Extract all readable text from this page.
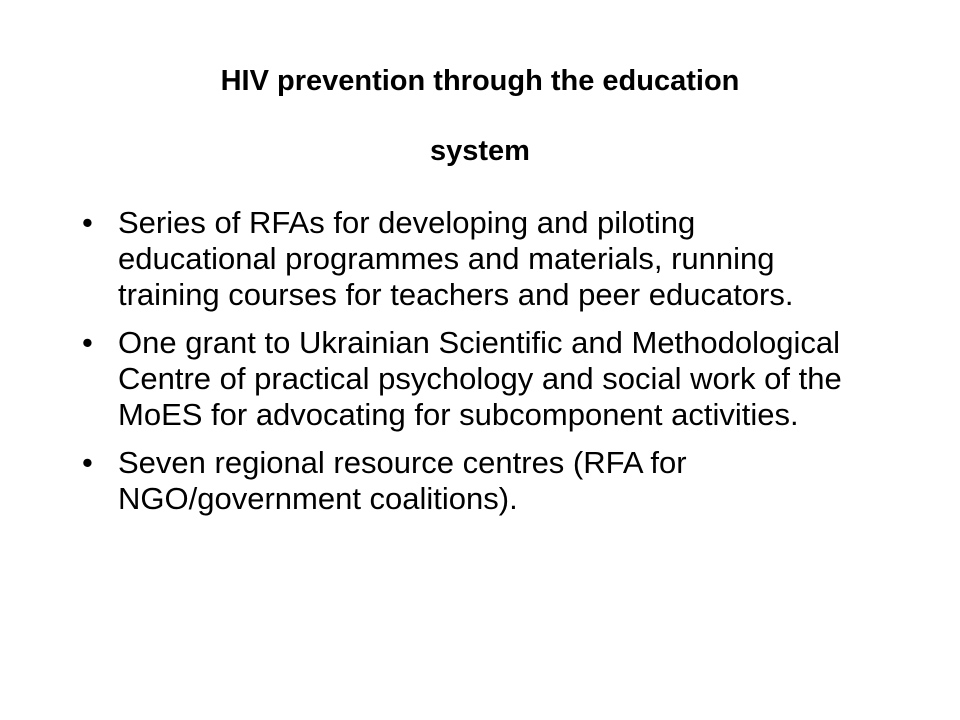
HIV prevention through the education
system
• Series of RFAs for developing and piloting educational programmes and materials, running training courses for teachers and peer educators.
• One grant to Ukrainian Scientific and Methodological Centre of practical psychology and social work of the MoES for advocating for subcomponent activities.
• Seven regional resource centres (RFA for NGO/government coalitions).
